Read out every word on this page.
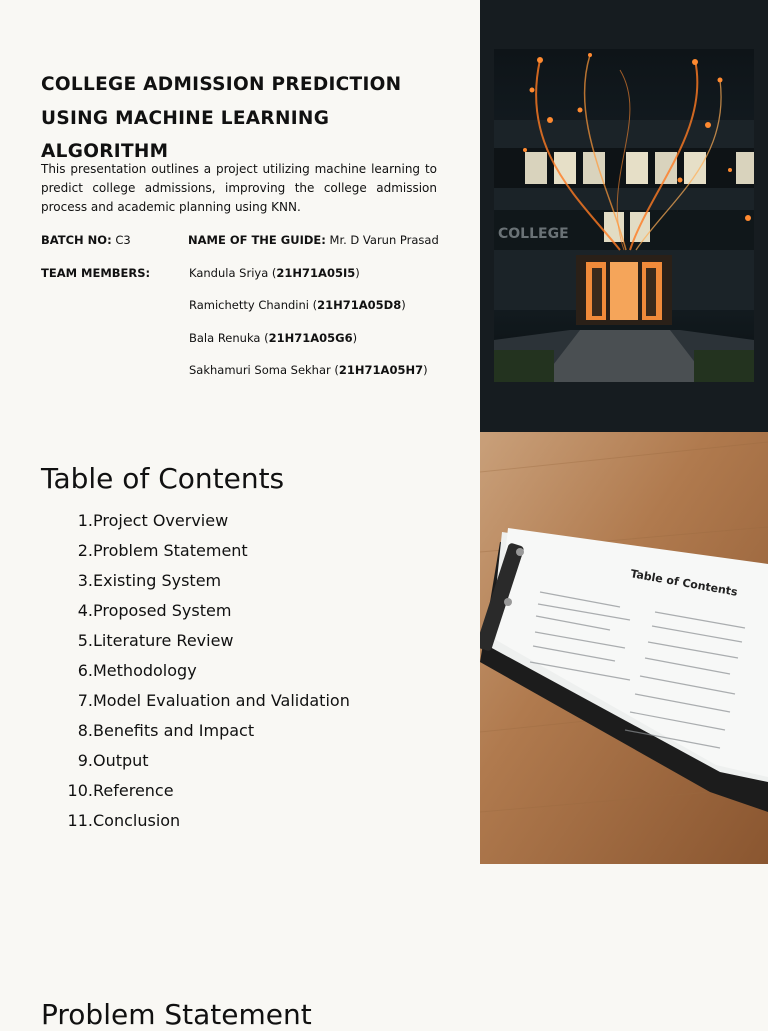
COLLEGE ADMISSION PREDICTION USING MACHINE LEARNING ALGORITHM

This presentation outlines a project utilizing machine learning to predict college admissions, improving the college admission process and academic planning using KNN.

BATCH NO: C3	NAME OF THE GUIDE: Mr. D Varun Prasad
TEAM MEMBERS:	Kandula Sriya (21H71A05I5)
Ramichetty Chandini (21H71A05D8)
Bala Renuka (21H71A05G6)
Sakhamuri Soma Sekhar (21H71A05H7)
COLLEGE
Table of Contents
1. Project Overview
2. Problem Statement
3. Existing System
4. Proposed System
5. Literature Review
6. Methodology
7. Model Evaluation and Validation
8. Benefits and Impact
9. Output
10. Reference
11. Conclusion
Table of Contents
Problem Statement
